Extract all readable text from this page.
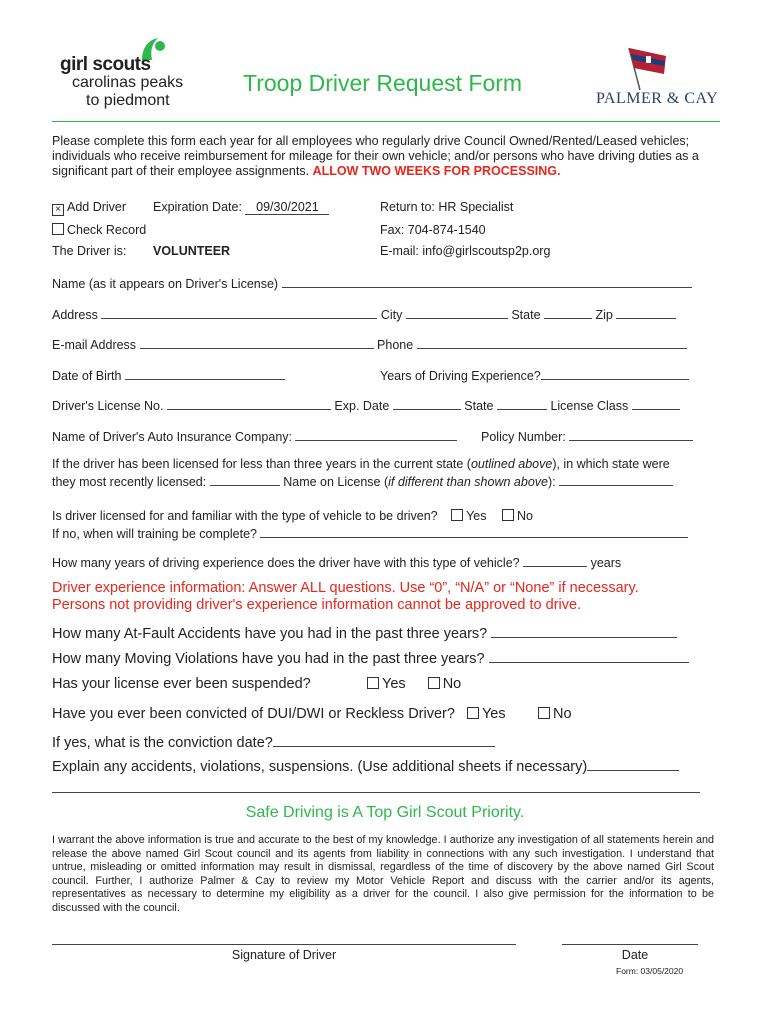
girl scouts
carolinas peaks
to piedmont
Troop Driver Request Form
PALMER & CAY
Please complete this form each year for all employees who regularly drive Council Owned/Rented/Leased vehicles; individuals who receive reimbursement for mileage for their own vehicle; and/or persons who have driving duties as a significant part of their employee assignments. ALLOW TWO WEEKS FOR PROCESSING.
× Add Driver Expiration Date: 09/30/2021	Return to: HR Specialist
Check Record	Fax: 704-874-1540
The Driver is: VOLUNTEER	E-mail: info@girlscoutsp2p.org
Name (as it appears on Driver's License)
Address	City	State	Zip
E-mail Address	Phone
Date of Birth	Years of Driving Experience?
Driver's License No.	Exp. Date	State	License Class
Name of Driver's Auto Insurance Company:	Policy Number:
If the driver has been licensed for less than three years in the current state (outlined above), in which state were
they most recently licensed:	Name on License (if different than shown above):
Is driver licensed for and familiar with the type of vehicle to be driven? Yes No
If no, when will training be complete?
How many years of driving experience does the driver have with this type of vehicle?	years
Driver experience information: Answer ALL questions. Use “0”, “N/A” or “None” if necessary.
Persons not providing driver's experience information cannot be approved to drive.
How many At-Fault Accidents have you had in the past three years?
How many Moving Violations have you had in the past three years?
Has your license ever been suspended?	Yes	No
Have you ever been convicted of DUI/DWI or Reckless Driver? Yes	No
If yes, what is the conviction date?
Explain any accidents, violations, suspensions. (Use additional sheets if necessary)
Safe Driving is A Top Girl Scout Priority.
I warrant the above information is true and accurate to the best of my knowledge. I authorize any investigation of all statements herein and release the above named Girl Scout council and its agents from liability in connections with any such investigation. I understand that untrue, misleading or omitted information may result in dismissal, regardless of the time of discovery by the above named Girl Scout council. Further, I authorize Palmer & Cay to review my Motor Vehicle Report and discuss with the carrier and/or its agents, representatives as necessary to determine my eligibility as a driver for the council. I also give permission for the information to be discussed with the council.
Signature of Driver	Date
Form: 03/05/2020
